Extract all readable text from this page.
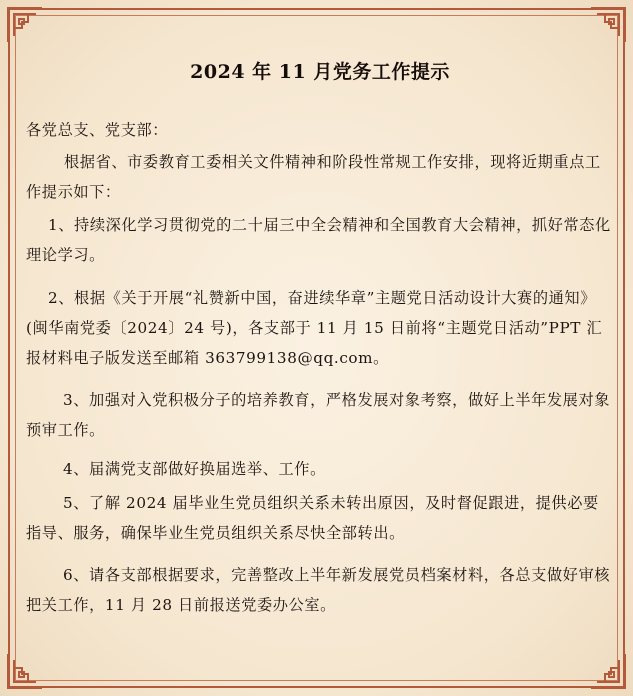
2024 年 11 月党务工作提示

各党总支、党支部：

根据省、市委教育工委相关文件精神和阶段性常规工作安排，现将近期重点工作提示如下：

1、持续深化学习贯彻党的二十届三中全会精神和全国教育大会精神，抓好常态化理论学习。

2、根据《关于开展“礼赞新中国，奋进续华章”主题党日活动设计大赛的通知》(闽华南党委〔2024〕24 号)，各支部于 11 月 15 日前将“主题党日活动”PPT 汇报材料电子版发送至邮箱 363799138@qq.com。

3、加强对入党积极分子的培养教育，严格发展对象考察，做好上半年发展对象预审工作。

4、届满党支部做好换届选举、工作。

5、了解 2024 届毕业生党员组织关系未转出原因，及时督促跟进，提供必要指导、服务，确保毕业生党员组织关系尽快全部转出。

6、请各支部根据要求，完善整改上半年新发展党员档案材料，各总支做好审核把关工作，11 月 28 日前报送党委办公室。
